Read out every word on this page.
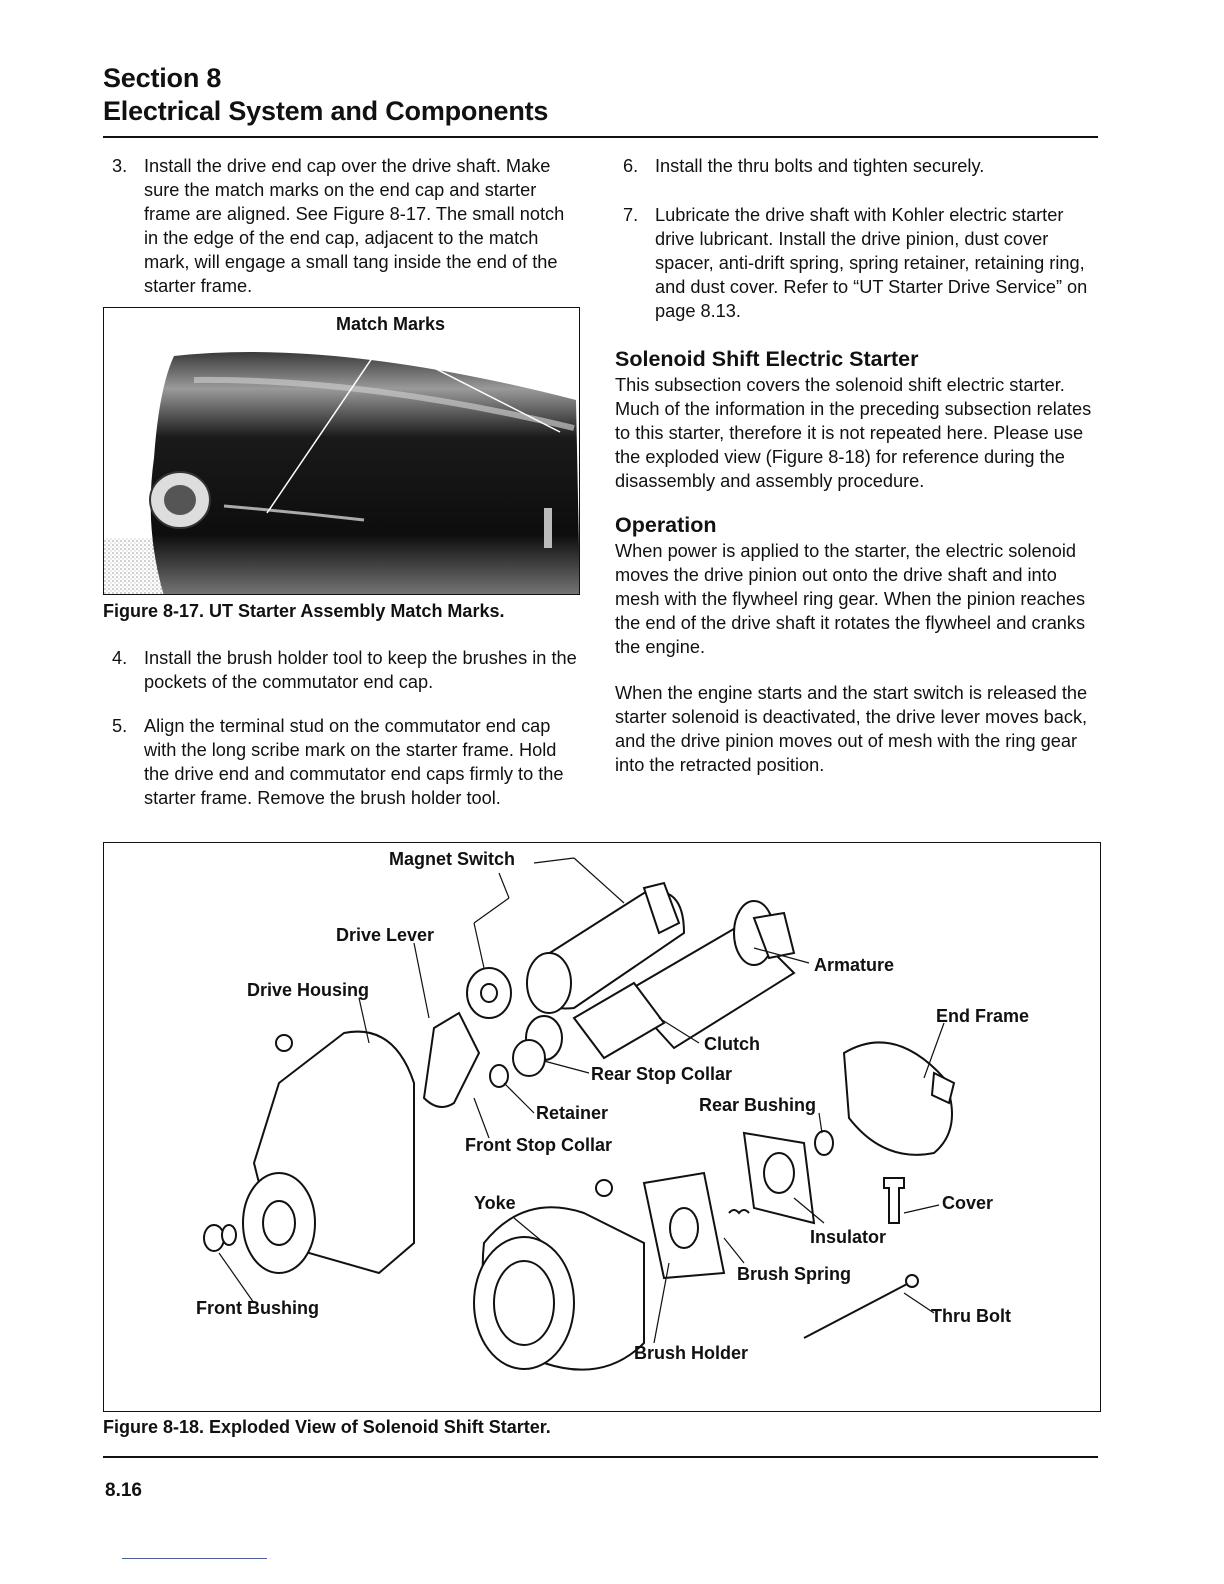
Section 8
Electrical System and Components
3. Install the drive end cap over the drive shaft. Make sure the match marks on the end cap and starter frame are aligned. See Figure 8-17. The small notch in the edge of the end cap, adjacent to the match mark, will engage a small tang inside the end of the starter frame.

Match Marks

Figure 8-17. UT Starter Assembly Match Marks.

4. Install the brush holder tool to keep the brushes in the pockets of the commutator end cap.

5. Align the terminal stud on the commutator end cap with the long scribe mark on the starter frame. Hold the drive end and commutator end caps firmly to the starter frame. Remove the brush holder tool.

6. Install the thru bolts and tighten securely.

7. Lubricate the drive shaft with Kohler electric starter drive lubricant. Install the drive pinion, dust cover spacer, anti-drift spring, spring retainer, retaining ring, and dust cover. Refer to “UT Starter Drive Service” on page 8.13.

Solenoid Shift Electric Starter

This subsection covers the solenoid shift electric starter. Much of the information in the preceding subsection relates to this starter, therefore it is not repeated here. Please use the exploded view (Figure 8-18) for reference during the disassembly and assembly procedure.

Operation

When power is applied to the starter, the electric solenoid moves the drive pinion out onto the drive shaft and into mesh with the flywheel ring gear. When the pinion reaches the end of the drive shaft it rotates the flywheel and cranks the engine.

When the engine starts and the start switch is released the starter solenoid is deactivated, the drive lever moves back, and the drive pinion moves out of mesh with the ring gear into the retracted position.

Magnet Switch
Drive Lever
Drive Housing
Armature
End Frame
Clutch
Rear Stop Collar
Retainer	Rear Bushing
Front Stop Collar
Yoke	Cover
Insulator
Brush Spring
Front Bushing	Thru Bolt
Brush Holder

Figure 8-18. Exploded View of Solenoid Shift Starter.

8.16
